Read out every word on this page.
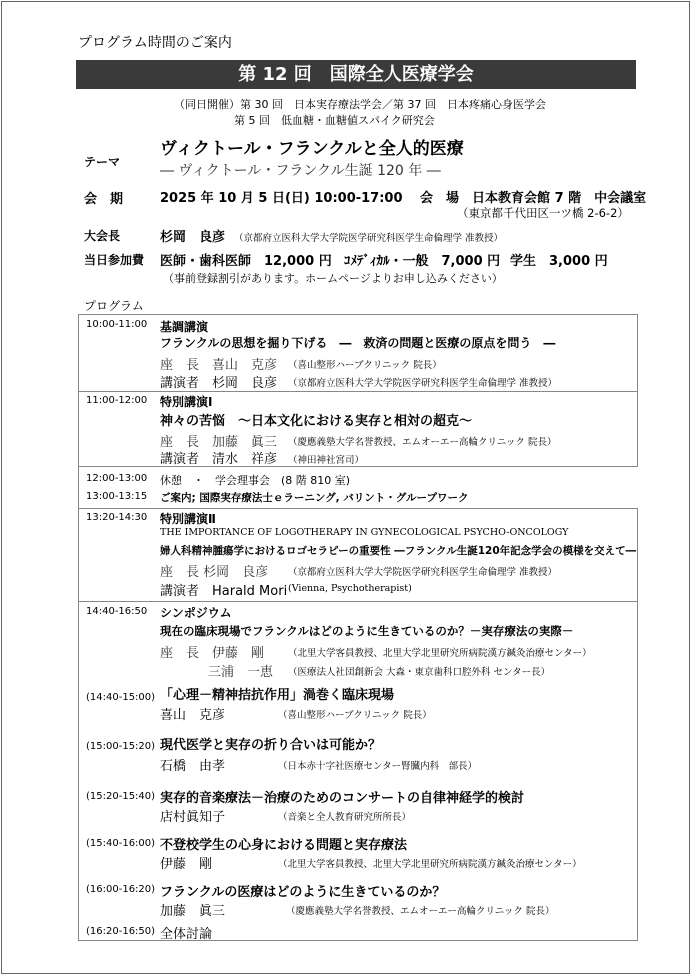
プログラム時間のご案内
第 12 回　国際全人医療学会
（同日開催）第 30 回　日本実存療法学会／第 37 回　日本疼痛心身医学会
第 5 回　低血糖・血糖値スパイク研究会
テーマ
ヴィクトール・フランクルと全人的医療
― ヴィクトール・フランクル生誕 120 年 ―
会　期	2025 年 10 月 5 日(日) 10:00-17:00　 会　場　日本教育会館 7 階　中会議室
（東京都千代田区一ツ橋 2-6-2）
大会長	杉岡　良彦 （京都府立医科大学大学院医学研究科医学生命倫理学 准教授）
当日参加費 医師・歯科医師　12,000 円 ｺﾒﾃﾞｨｶﾙ・一般　7,000 円 学生　3,000 円
（事前登録割引があります。ホームページよりお申し込みください）
プログラム
10:00-11:00 基調講演
フランクルの思想を掘り下げる　―　救済の問題と医療の原点を問う　―
座　長　喜山　克彦 （喜山整形ハーブクリニック 院長）
講演者　杉岡　良彦 （京都府立医科大学大学院医学研究科医学生命倫理学 准教授）
11:00-12:00 特別講演Ⅰ
神々の苦悩　～日本文化における実存と相対の超克～
座　長　加藤　眞三 （慶應義塾大学名誉教授、エムオーエー高輪クリニック 院長）
講演者　清水　祥彦 （神田神社宮司）
12:00-13:00 休憩　・　学会理事会　(8 階 810 室)
13:00-13:15 ご案内; 国際実存療法士ｅラーニング, バリント・グループワーク
13:20-14:30 特別講演Ⅱ
THE IMPORTANCE OF LOGOTHERAPY IN GYNECOLOGICAL PSYCHO-ONCOLOGY
婦人科精神腫瘍学におけるロゴセラピーの重要性 ―フランクル生誕120年記念学会の模様を交えて―
座　長 杉岡　良彦 （京都府立医科大学大学院医学研究科医学生命倫理学 准教授）
講演者　Harald Mori (Vienna, Psychotherapist)
14:40-16:50 シンポジウム
現在の臨床現場でフランクルはどのように生きているのか？－実存療法の実際－
座　長　伊藤　剛	（北里大学客員教授、北里大学北里研究所病院漢方鍼灸治療センター）
三浦　一恵 （医療法人社団創新会 大森・東京歯科口腔外科 センター長）
(14:40-15:00) 「心理－精神拮抗作用」渦巻く臨床現場
喜山　克彦	（喜山整形ハーブクリニック 院長）
(15:00-15:20) 現代医学と実存の折り合いは可能か？
石橋　由孝	（日本赤十字社医療センター腎臓内科　部長）
(15:20-15:40) 実存的音楽療法－治療のためのコンサートの自律神経学的検討
店村眞知子	（音楽と全人教育研究所所長）
(15:40-16:00) 不登校学生の心身における問題と実存療法
伊藤　剛	（北里大学客員教授、北里大学北里研究所病院漢方鍼灸治療センター）
(16:00-16:20) フランクルの医療はどのように生きているのか？
加藤　眞三	（慶應義塾大学名誉教授、エムオーエー高輪クリニック 院長）
(16:20-16:50) 全体討論
